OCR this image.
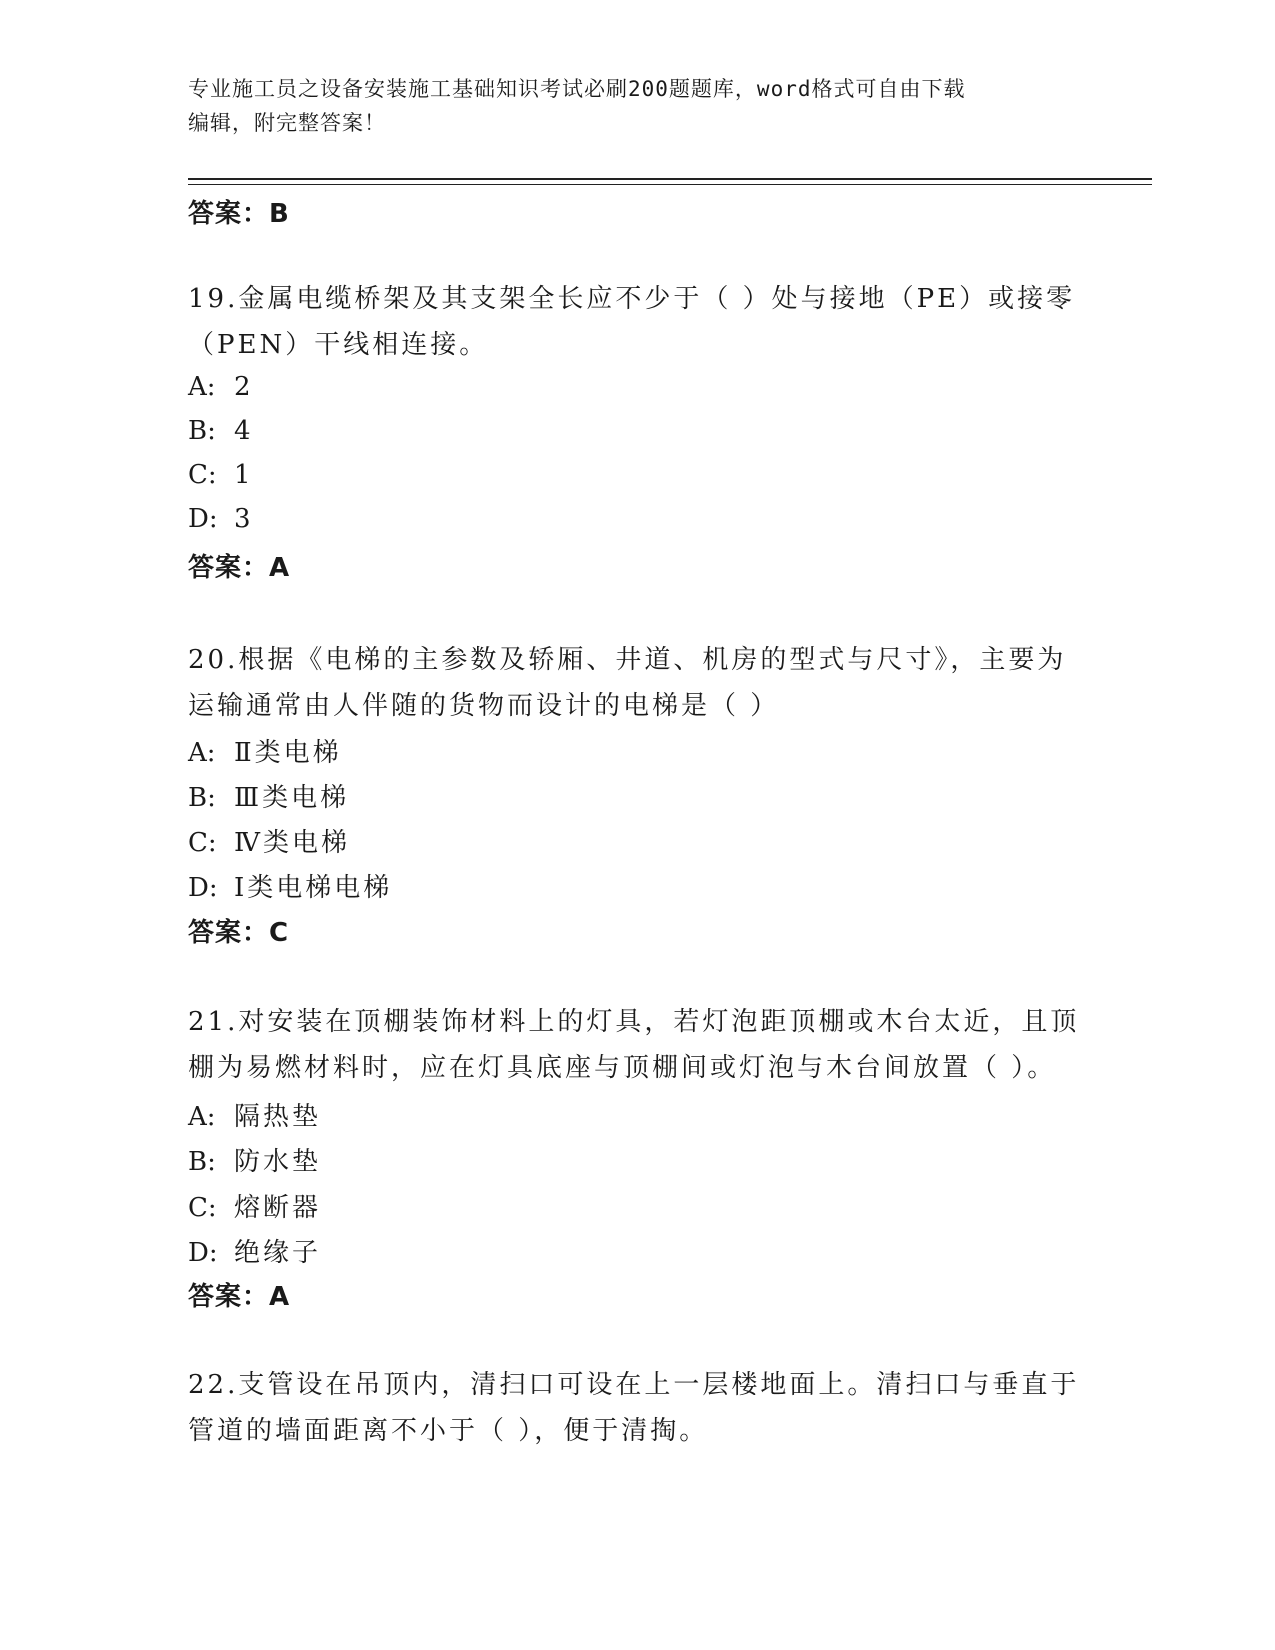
专业施工员之设备安装施工基础知识考试必刷200题题库，word格式可自由下载
编辑，附完整答案！
答案：B
19.金属电缆桥架及其支架全长应不少于（ ）处与接地（PE）或接零
（PEN）干线相连接。
A: 2
B: 4
C: 1
D: 3
答案：A
20.根据《电梯的主参数及轿厢、井道、机房的型式与尺寸》，主要为
运输通常由人伴随的货物而设计的电梯是（ ）
A: Ⅱ类电梯
B: Ⅲ类电梯
C: Ⅳ类电梯
D: Ⅰ类电梯电梯
答案：C
21.对安装在顶棚装饰材料上的灯具，若灯泡距顶棚或木台太近，且顶
棚为易燃材料时，应在灯具底座与顶棚间或灯泡与木台间放置（ ）。
A: 隔热垫
B: 防水垫
C: 熔断器
D: 绝缘子
答案：A
22.支管设在吊顶内，清扫口可设在上一层楼地面上。清扫口与垂直于
管道的墙面距离不小于（ ），便于清掏。
